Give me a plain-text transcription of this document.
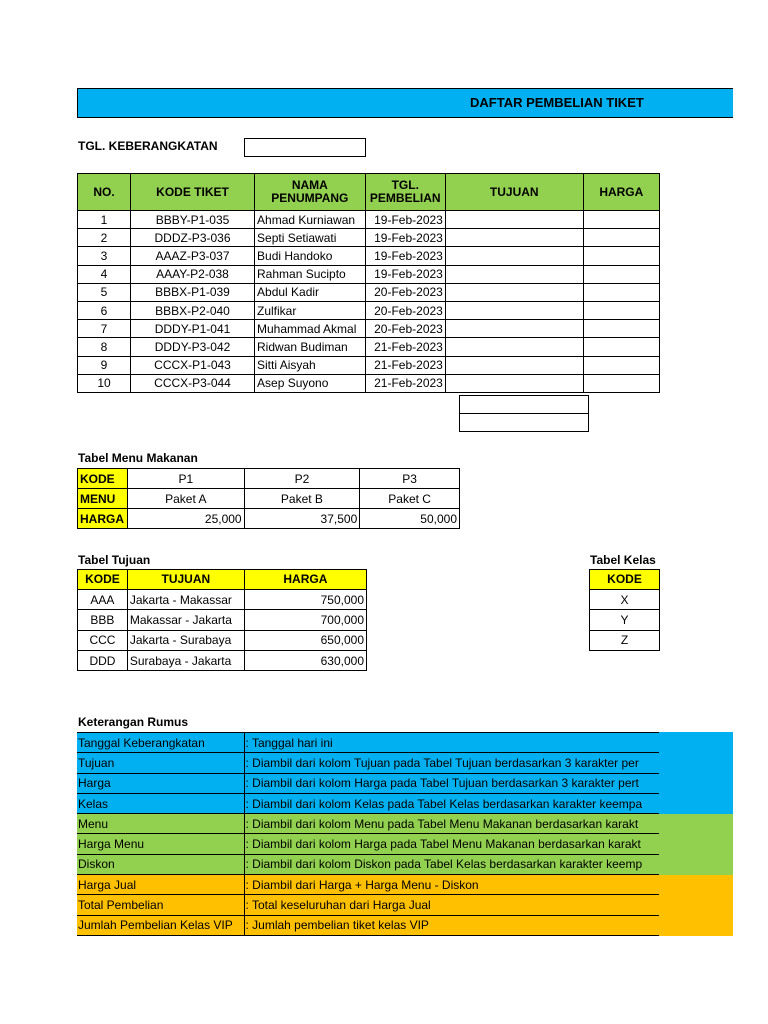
DAFTAR PEMBELIAN TIKET
TGL. KEBERANGKATAN
NO.	KODE TIKET	NAMA PENUMPANG	TGL. PEMBELIAN	TUJUAN	HARGA
1	BBBY-P1-035	Ahmad Kurniawan	19-Feb-2023		
2	DDDZ-P3-036	Septi Setiawati	19-Feb-2023		
3	AAAZ-P3-037	Budi Handoko	19-Feb-2023		
4	AAAY-P2-038	Rahman Sucipto	19-Feb-2023		
5	BBBX-P1-039	Abdul Kadir	20-Feb-2023		
6	BBBX-P2-040	Zulfikar	20-Feb-2023		
7	DDDY-P1-041	Muhammad Akmal	20-Feb-2023		
8	DDDY-P3-042	Ridwan Budiman	21-Feb-2023		
9	CCCX-P1-043	Sitti Aisyah	21-Feb-2023		
10	CCCX-P3-044	Asep Suyono	21-Feb-2023		

Tabel Menu Makanan
KODE	P1	P2	P3
MENU	Paket A	Paket B	Paket C
HARGA	25,000	37,500	50,000
Tabel Tujuan
KODE	TUJUAN	HARGA
AAA	Jakarta - Makassar	750,000
BBB	Makassar - Jakarta	700,000
CCC	Jakarta - Surabaya	650,000
DDD	Surabaya - Jakarta	630,000
Tabel Kelas
KODE
X
Y
Z
Keterangan Rumus
Tanggal Keberangkatan	: Tanggal hari ini
Tujuan	: Diambil dari kolom Tujuan pada Tabel Tujuan berdasarkan 3 karakter per
Harga	: Diambil dari kolom Harga pada Tabel Tujuan berdasarkan 3 karakter pert
Kelas	: Diambil dari kolom Kelas pada Tabel Kelas berdasarkan karakter keempa
Menu	: Diambil dari kolom Menu pada Tabel Menu Makanan berdasarkan karakt
Harga Menu	: Diambil dari kolom Harga pada Tabel Menu Makanan berdasarkan karakt
Diskon	: Diambil dari kolom Diskon pada Tabel Kelas berdasarkan karakter keemp
Harga Jual	: Diambil dari Harga + Harga Menu - Diskon
Total Pembelian	: Total keseluruhan dari Harga Jual
Jumlah Pembelian Kelas VIP	: Jumlah pembelian tiket kelas VIP
